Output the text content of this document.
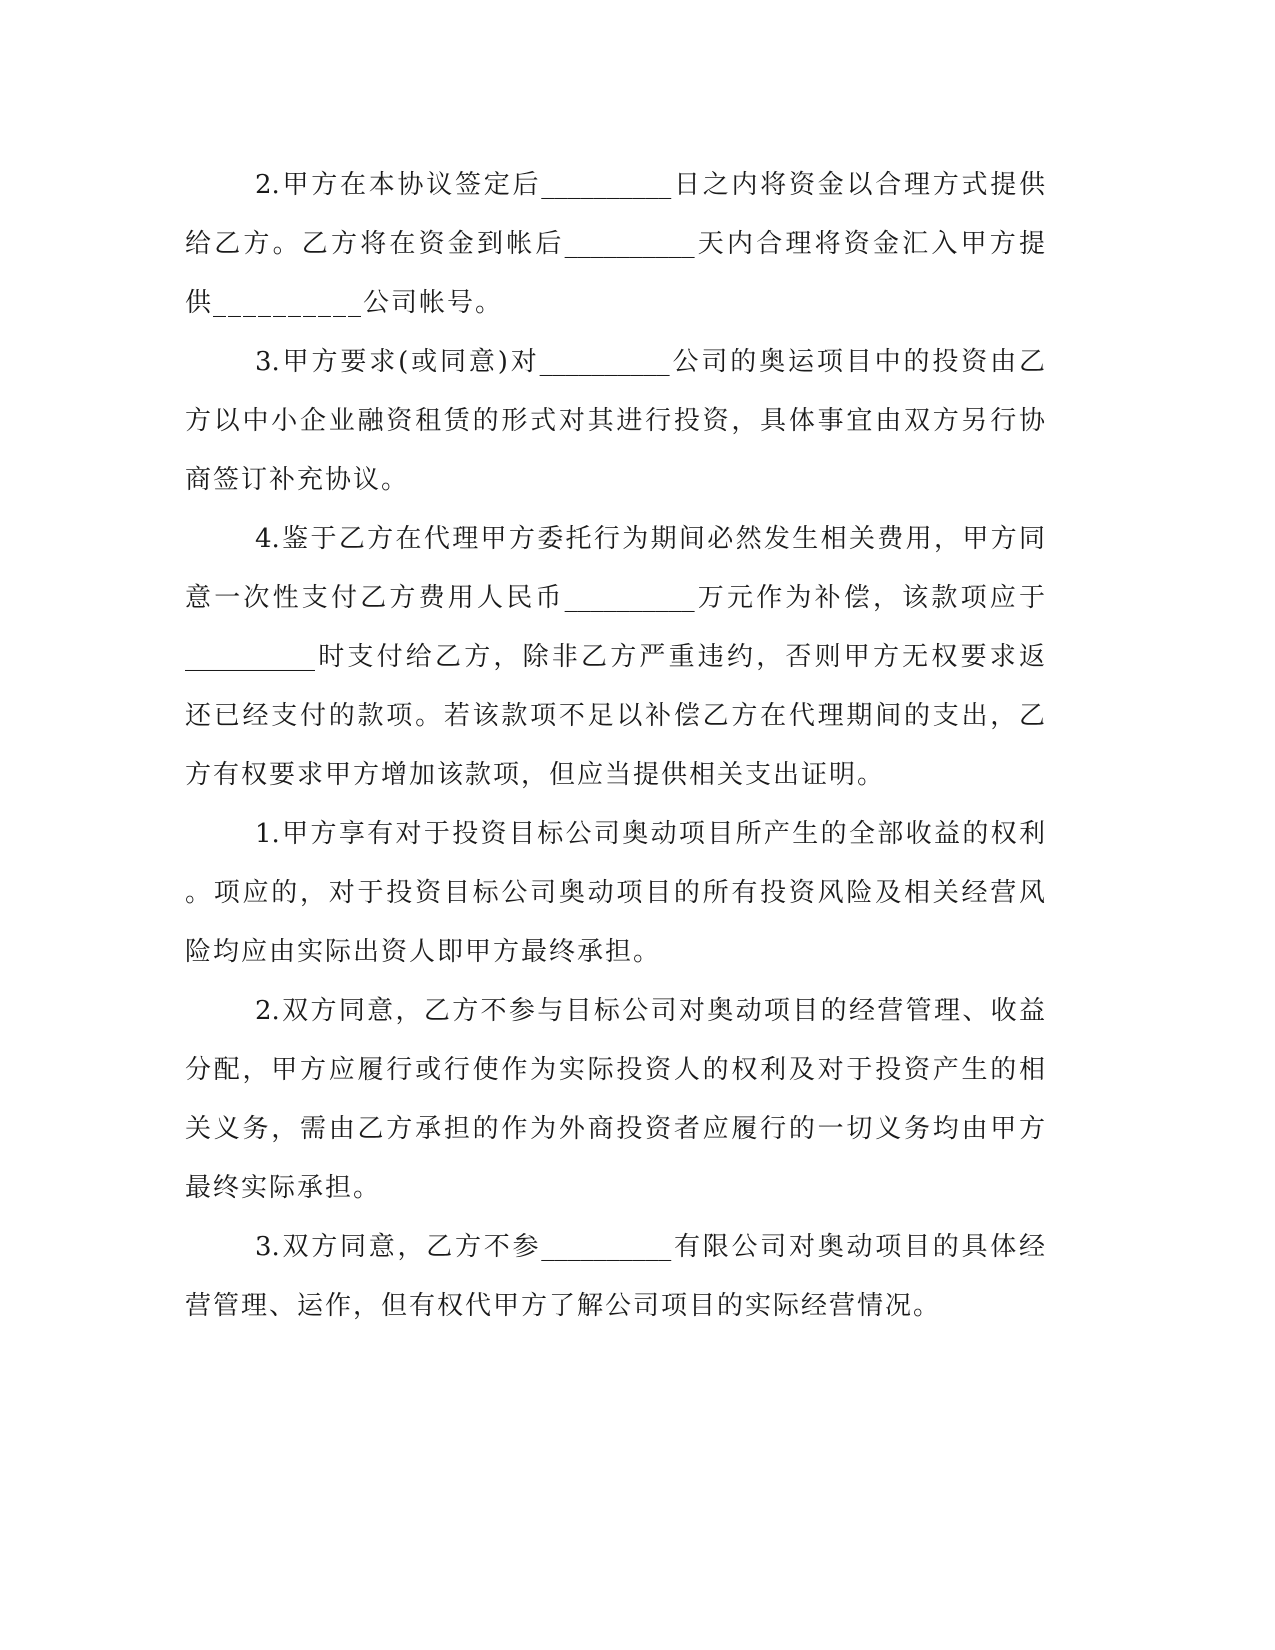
2.甲方在本协议签定后__________日之内将资金以合理方式提供
给乙方。乙方将在资金到帐后__________天内合理将资金汇入甲方提
供__________公司帐号。
3.甲方要求(或同意)对__________公司的奥运项目中的投资由乙
方以中小企业融资租赁的形式对其进行投资，具体事宜由双方另行协
商签订补充协议。
4.鉴于乙方在代理甲方委托行为期间必然发生相关费用，甲方同
意一次性支付乙方费用人民币__________万元作为补偿，该款项应于
__________时支付给乙方，除非乙方严重违约，否则甲方无权要求返
还已经支付的款项。若该款项不足以补偿乙方在代理期间的支出，乙
方有权要求甲方增加该款项，但应当提供相关支出证明。
1.甲方享有对于投资目标公司奥动项目所产生的全部收益的权利
。项应的，对于投资目标公司奥动项目的所有投资风险及相关经营风
险均应由实际出资人即甲方最终承担。
2.双方同意，乙方不参与目标公司对奥动项目的经营管理、收益
分配，甲方应履行或行使作为实际投资人的权利及对于投资产生的相
关义务，需由乙方承担的作为外商投资者应履行的一切义务均由甲方
最终实际承担。
3.双方同意，乙方不参__________有限公司对奥动项目的具体经
营管理、运作，但有权代甲方了解公司项目的实际经营情况。
